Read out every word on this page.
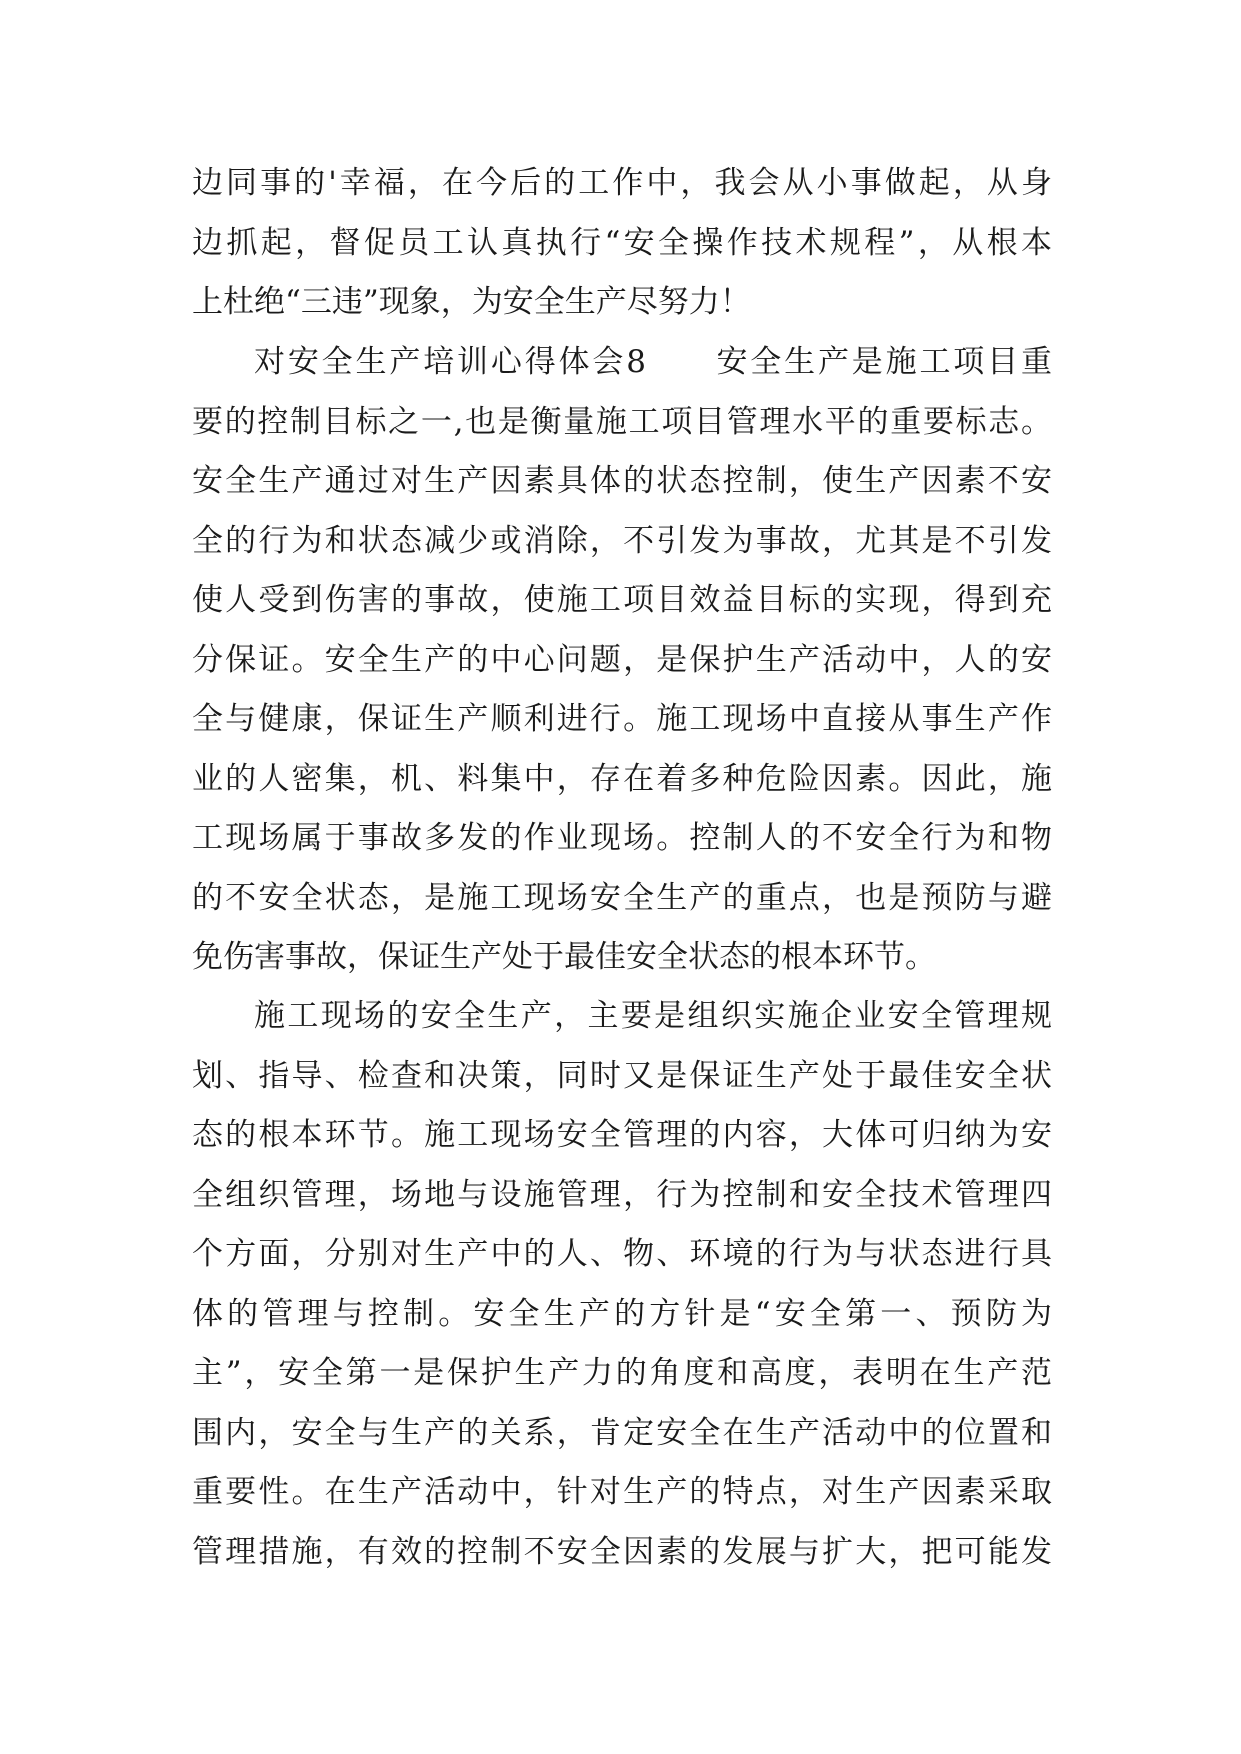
边同事的'幸福，在今后的工作中，我会从小事做起，从身
边抓起，督促员工认真执行“安全操作技术规程”，从根本
上杜绝“三违”现象，为安全生产尽努力！
对安全生产培训心得体会8　　安全生产是施工项目重
要的控制目标之一,也是衡量施工项目管理水平的重要标志。
安全生产通过对生产因素具体的状态控制，使生产因素不安
全的行为和状态减少或消除，不引发为事故，尤其是不引发
使人受到伤害的事故，使施工项目效益目标的实现，得到充
分保证。安全生产的中心问题，是保护生产活动中，人的安
全与健康，保证生产顺利进行。施工现场中直接从事生产作
业的人密集，机、料集中，存在着多种危险因素。因此，施
工现场属于事故多发的作业现场。控制人的不安全行为和物
的不安全状态，是施工现场安全生产的重点，也是预防与避
免伤害事故，保证生产处于最佳安全状态的根本环节。
施工现场的安全生产，主要是组织实施企业安全管理规
划、指导、检查和决策，同时又是保证生产处于最佳安全状
态的根本环节。施工现场安全管理的内容，大体可归纳为安
全组织管理，场地与设施管理，行为控制和安全技术管理四
个方面，分别对生产中的人、物、环境的行为与状态进行具
体的管理与控制。安全生产的方针是“安全第一、预防为
主”，安全第一是保护生产力的角度和高度，表明在生产范
围内，安全与生产的关系，肯定安全在生产活动中的位置和
重要性。在生产活动中，针对生产的特点，对生产因素采取
管理措施，有效的控制不安全因素的发展与扩大，把可能发
